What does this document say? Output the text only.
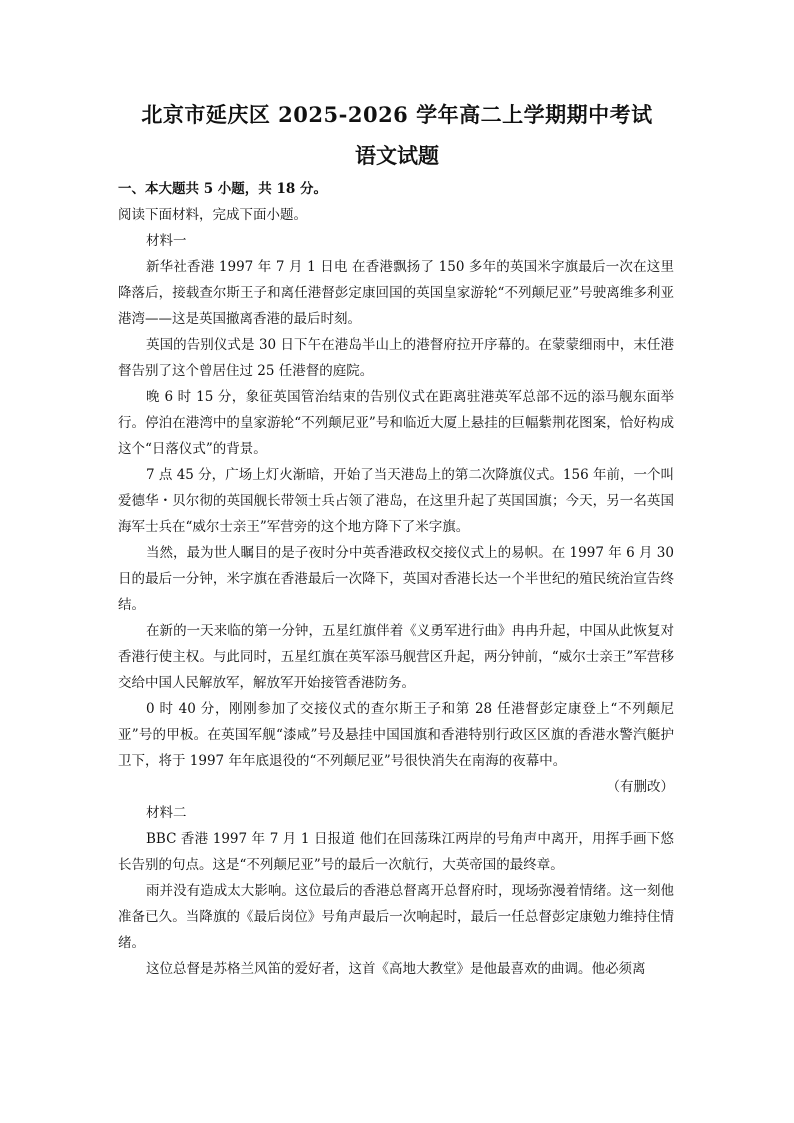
北京市延庆区 2025-2026 学年高二上学期期中考试
语文试题

一、本大题共 5 小题，共 18 分。

阅读下面材料，完成下面小题。

材料一

新华社香港 1997 年 7 月 1 日电 在香港飘扬了 150 多年的英国米字旗最后一次在这里降落后，接载查尔斯王子和离任港督彭定康回国的英国皇家游轮“不列颠尼亚”号驶离维多利亚港湾——这是英国撤离香港的最后时刻。

英国的告别仪式是 30 日下午在港岛半山上的港督府拉开序幕的。在蒙蒙细雨中，末任港督告别了这个曾居住过 25 任港督的庭院。

晚 6 时 15 分，象征英国管治结束的告别仪式在距离驻港英军总部不远的添马舰东面举行。停泊在港湾中的皇家游轮“不列颠尼亚”号和临近大厦上悬挂的巨幅紫荆花图案，恰好构成这个“日落仪式”的背景。

7 点 45 分，广场上灯火渐暗，开始了当天港岛上的第二次降旗仪式。156 年前，一个叫爱德华・贝尔彻的英国舰长带领士兵占领了港岛，在这里升起了英国国旗；今天，另一名英国海军士兵在“威尔士亲王”军营旁的这个地方降下了米字旗。

当然，最为世人瞩目的是子夜时分中英香港政权交接仪式上的易帜。在 1997 年 6 月 30 日的最后一分钟，米字旗在香港最后一次降下，英国对香港长达一个半世纪的殖民统治宣告终结。

在新的一天来临的第一分钟，五星红旗伴着《义勇军进行曲》冉冉升起，中国从此恢复对香港行使主权。与此同时，五星红旗在英军添马舰营区升起，两分钟前，“威尔士亲王”军营移交给中国人民解放军，解放军开始接管香港防务。

0 时 40 分，刚刚参加了交接仪式的查尔斯王子和第 28 任港督彭定康登上“不列颠尼亚”号的甲板。在英国军舰“漆咸”号及悬挂中国国旗和香港特别行政区区旗的香港水警汽艇护卫下，将于 1997 年年底退役的“不列颠尼亚”号很快消失在南海的夜幕中。

（有删改）

材料二

BBC 香港 1997 年 7 月 1 日报道 他们在回荡珠江两岸的号角声中离开，用挥手画下悠长告别的句点。这是“不列颠尼亚”号的最后一次航行，大英帝国的最终章。

雨并没有造成太大影响。这位最后的香港总督离开总督府时，现场弥漫着情绪。这一刻他准备已久。当降旗的《最后岗位》号角声最后一次响起时，最后一任总督彭定康勉力维持住情绪。

这位总督是苏格兰风笛的爱好者，这首《高地大教堂》是他最喜欢的曲调。他必须离
